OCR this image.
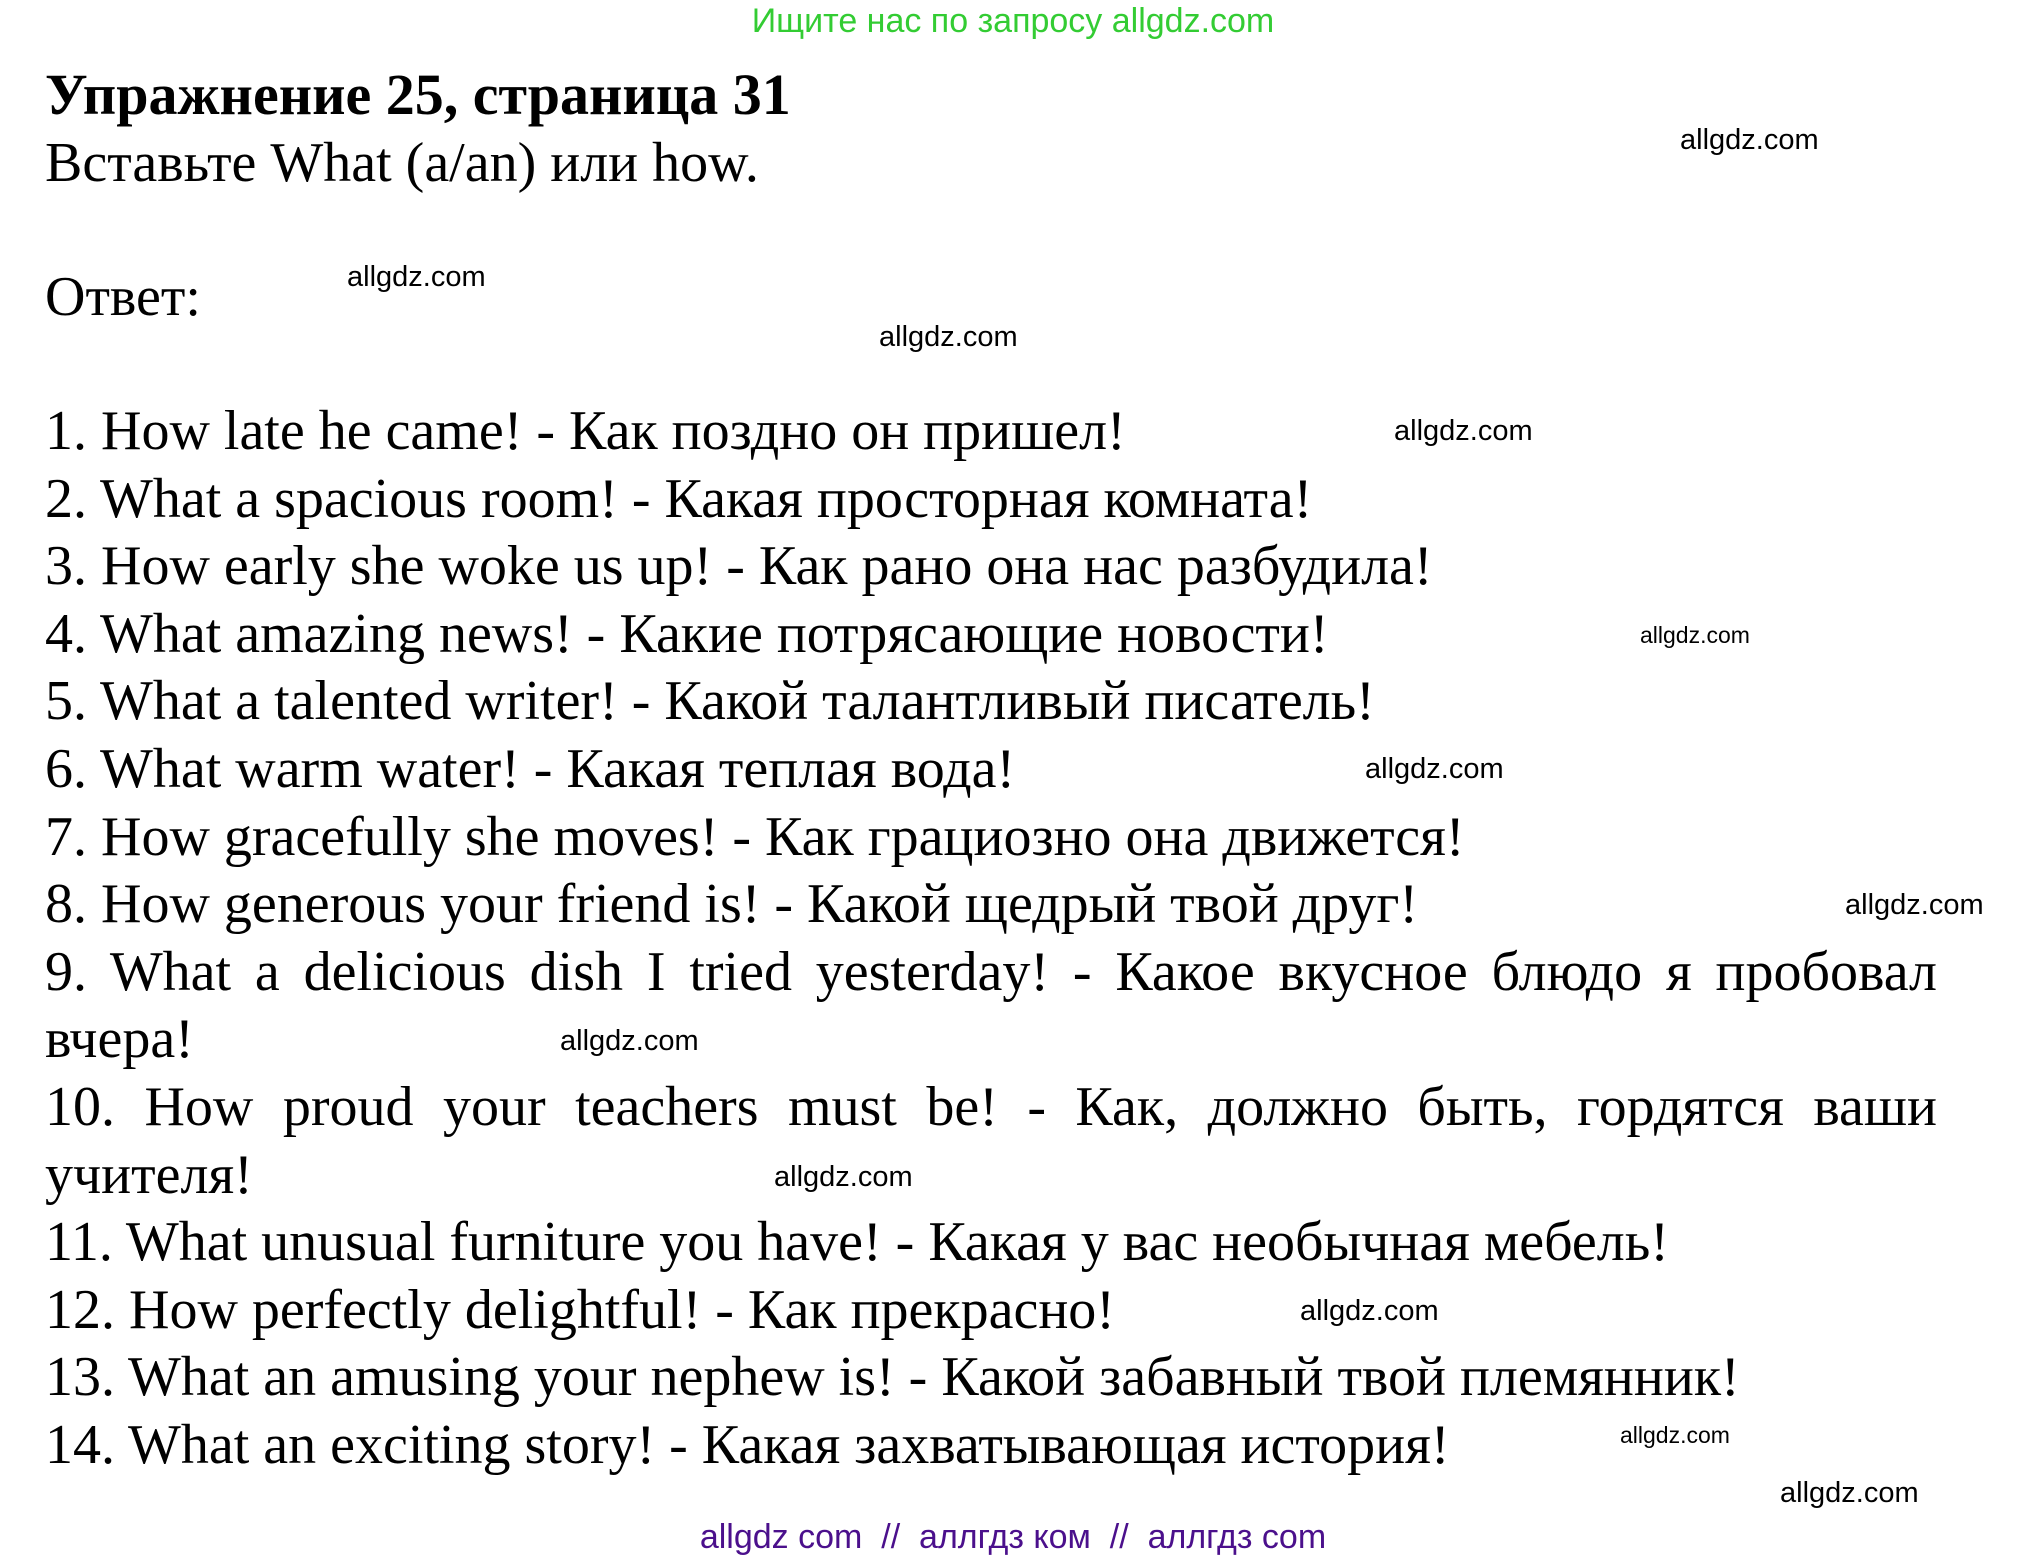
Ищите нас по запросу allgdz.com
Упражнение 25, страница 31
Вставьте What (a/an) или how.
Ответ:

1. How late he came! - Как поздно он пришел!

2. What a spacious room! - Какая просторная комната!

3. How early she woke us up! - Как рано она нас разбудила!

4. What amazing news! - Какие потрясающие новости!

5. What a talented writer! - Какой талантливый писатель!

6. What warm water! - Какая теплая вода!

7. How gracefully she moves! - Как грациозно она движется!

8. How generous your friend is! - Какой щедрый твой друг!

9. What a delicious dish I tried yesterday! - Какое вкусное блюдо я пробовал вчера!

10. How proud your teachers must be! - Как, должно быть, гордятся ваши учителя!

11. What unusual furniture you have! - Какая у вас необычная мебель!

12. How perfectly delightful! - Как прекрасно!

13. What an amusing your nephew is! - Какой забавный твой племянник!

14. What an exciting story! - Какая захватывающая история!

allgdz.com
allgdz.com
allgdz.com
allgdz.com
allgdz.com
allgdz.com
allgdz.com
allgdz.com
allgdz.com
allgdz.com
allgdz.com
allgdz.com
allgdz com  //  аллгдз ком  //  аллгдз com
